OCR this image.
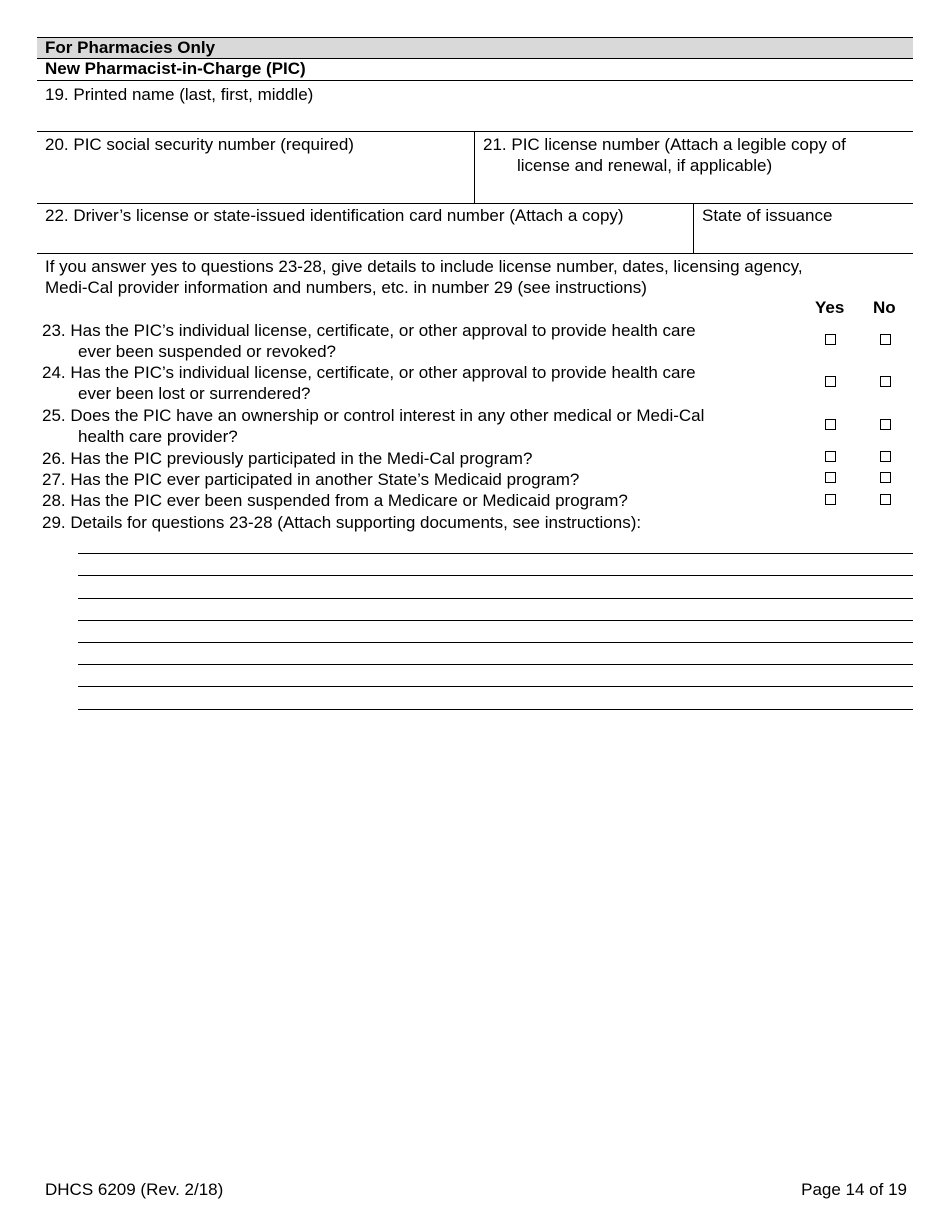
For Pharmacies Only
New Pharmacist-in-Charge (PIC)
19. Printed name (last, first, middle)
20. PIC social security number (required)	21. PIC license number (Attach a legible copy of
license and renewal, if applicable)
22. Driver’s license or state-issued identification card number (Attach a copy)	State of issuance
If you answer yes to questions 23-28, give details to include license number, dates, licensing agency,
Medi-Cal provider information and numbers, etc. in number 29 (see instructions)
Yes No
23. Has the PIC’s individual license, certificate, or other approval to provide health care
ever been suspended or revoked?
24. Has the PIC’s individual license, certificate, or other approval to provide health care
ever been lost or surrendered?
25. Does the PIC have an ownership or control interest in any other medical or Medi-Cal
health care provider?
26. Has the PIC previously participated in the Medi-Cal program?
27. Has the PIC ever participated in another State’s Medicaid program?
28. Has the PIC ever been suspended from a Medicare or Medicaid program?
29. Details for questions 23-28 (Attach supporting documents, see instructions):
DHCS 6209 (Rev. 2/18)	Page 14 of 19
